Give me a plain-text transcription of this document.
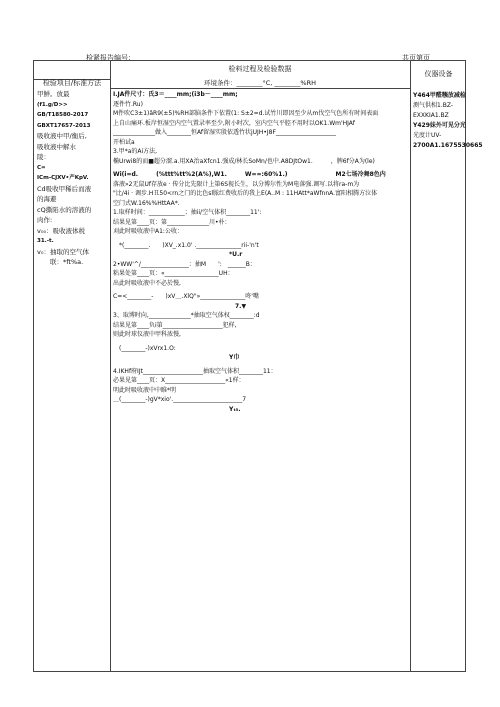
检紧报告编号：	共页第页
检验项目/标准方法
检料过程及检验数据
环境条件：________°C, ________%RH
仪器设备
甲鮮。放最
(f1.g/D>>
GB/T18580-2017
GBXT17657-2013
吸收液中甲/衡后,
吸收液中解水
陵：
C=
ICm-CJXV•产KpV.
Cd吸收甲稀后而液
的海避
cQ撕陷水的溶液的
肉作:
v₀₀：吸收液体税
31.-t.
v₀：抽取的空气体
　　联：*ft%a.
I.JA件尺寸：氏3＝____mm;(i3b－____mm;
逐件竹.Ru)
M件吹C3±1)âR9(±5)%RH部脑条件下依置(1: S±2=d.试竹川即因至少从m伐空气色所有时间表面
上自山痛环.板岸恒湿空内空气置录率至少,附小时次，室内空气平腔不用时以OK1.Wm'HJAf
______________做入________恒Af留湿实殷依透竹状jUJH•J8F____________________
开柏试a
3.甲*a的Ai方法,
椭Urwi8的而■超分溜.a.用XA治aXfcn1.强成/林长SoMn/也中.A8DJtOw1.　　　，脾6f分A为(le)
Wi(i=d.　　　(%ttt%tt%2(A%),W1.　　　W==:60%1.)　　　　　　　　M2七场冷舞8色内
落液»2无鼠Uf存放e · 传分比先限计上第6S视长生，以分博尔性为M电落强.调写.以将ra-m为
"比/4i · 调步.H丑50<rn之门的比色sl脓红费收后的我上E(A..M : 11HAtt*aWfnnA.富阳相腾方泣体
空门式W.16%%HttAA*.
1.取样时间：____________；抽ii/空气体积________11':
结果见第____页：第______________川•朴：
刈此时吸收液中A1:公收：
　*(________.　　)XV_.x1.0' ._______________rii-'n't
　　　　　　　　　　*U.r
2•WW'^/________________：抽M　　':　______B：
粘果处第____页：«__________________UH：
出此时吸收液中不必於慢,
C=<________-　　)xV＿.XlQ"»_______________咚'嘴
　　　　　　　　　　　7.▼
3、取博时向,______________*抽取空气体权________:d
结果见第____负i第____________________犯样,
则此时球仪液中甲科浓慢,
　(________-)xVrx1.O:
　　　　　　　　　　Y巾
4.IKHf府IJt____________________抽取空气体积________11：
必果见第____页：X____________________«1样：
明此时吸收液中中睢*明
＿(________-)gV*xio'._______________________7
　　　　　　　　　　Yₜ₅.
Y464甲醛糨放减检
测气供相1.BZ-
EXXKIA1.BZ
Y429妹外可见分光
光度计UV-
2700A1.1675530665
